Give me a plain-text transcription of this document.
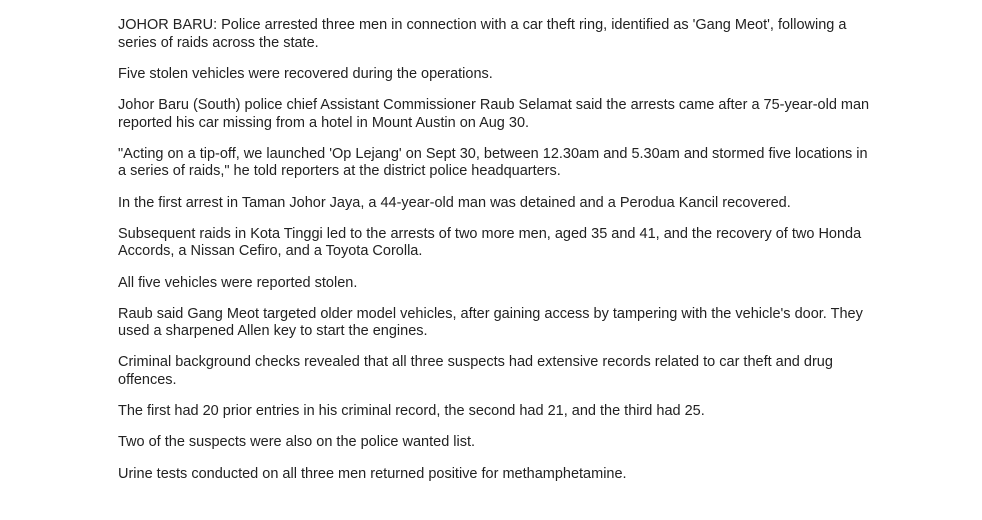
JOHOR BARU: Police arrested three men in connection with a car theft ring, identified as 'Gang Meot', following a series of raids across the state.

Five stolen vehicles were recovered during the operations.

Johor Baru (South) police chief Assistant Commissioner Raub Selamat said the arrests came after a 75-year-old man reported his car missing from a hotel in Mount Austin on Aug 30.

"Acting on a tip-off, we launched 'Op Lejang' on Sept 30, between 12.30am and 5.30am and stormed five locations in a series of raids," he told reporters at the district police headquarters.

In the first arrest in Taman Johor Jaya, a 44-year-old man was detained and a Perodua Kancil recovered.

Subsequent raids in Kota Tinggi led to the arrests of two more men, aged 35 and 41, and the recovery of two Honda Accords, a Nissan Cefiro, and a Toyota Corolla.

All five vehicles were reported stolen.

Raub said Gang Meot targeted older model vehicles, after gaining access by tampering with the vehicle's door. They used a sharpened Allen key to start the engines.

Criminal background checks revealed that all three suspects had extensive records related to car theft and drug offences.

The first had 20 prior entries in his criminal record, the second had 21, and the third had 25.

Two of the suspects were also on the police wanted list.

Urine tests conducted on all three men returned positive for methamphetamine.
